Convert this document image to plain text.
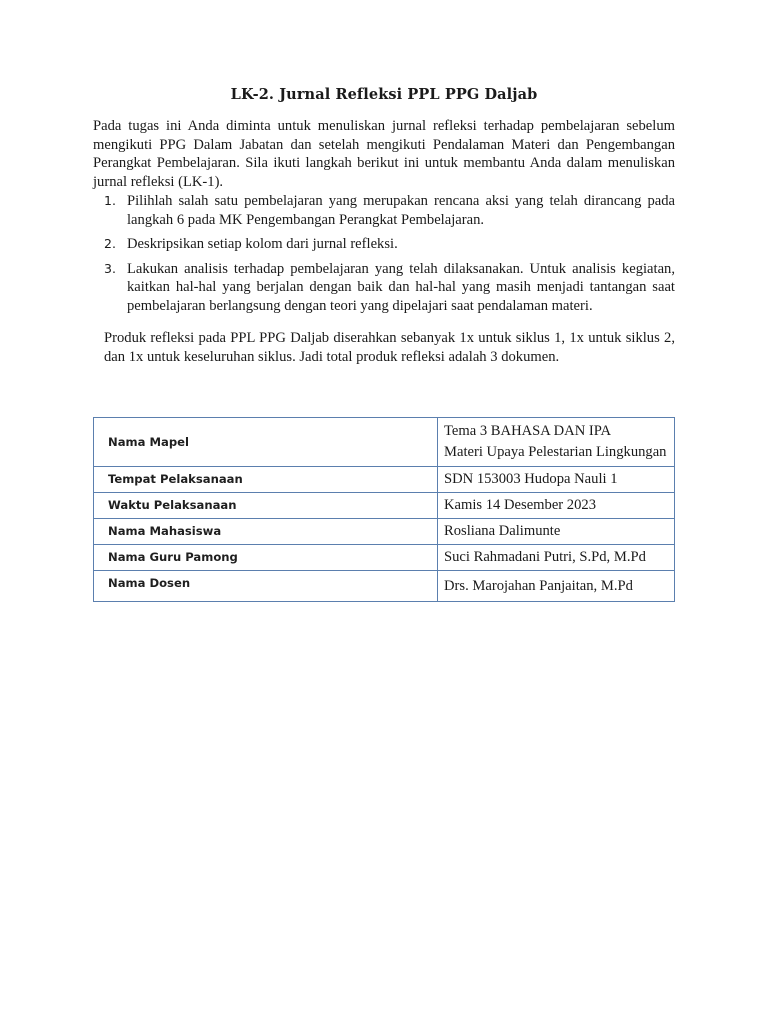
LK-2. Jurnal Refleksi PPL PPG Daljab

Pada tugas ini Anda diminta untuk menuliskan jurnal refleksi terhadap pembelajaran sebelum mengikuti PPG Dalam Jabatan dan setelah mengikuti Pendalaman Materi dan Pengembangan Perangkat Pembelajaran. Sila ikuti langkah berikut ini untuk membantu Anda dalam menuliskan jurnal refleksi (LK-1).

1. Pilihlah salah satu pembelajaran yang merupakan rencana aksi yang telah dirancang pada langkah 6 pada MK Pengembangan Perangkat Pembelajaran.
2. Deskripsikan setiap kolom dari jurnal refleksi.
3. Lakukan analisis terhadap pembelajaran yang telah dilaksanakan. Untuk analisis kegiatan, kaitkan hal-hal yang berjalan dengan baik dan hal-hal yang masih menjadi tantangan saat pembelajaran berlangsung dengan teori yang dipelajari saat pendalaman materi.

Produk refleksi pada PPL PPG Daljab diserahkan sebanyak 1x untuk siklus 1, 1x untuk siklus 2, dan 1x untuk keseluruhan siklus. Jadi total produk refleksi adalah 3 dokumen.

Nama Mapel	Tema 3 BAHASA DAN IPA
Materi Upaya Pelestarian Lingkungan

Tempat Pelaksanaan	SDN 153003 Hudopa Nauli 1

Waktu Pelaksanaan	Kamis 14 Desember 2023

Nama Mahasiswa	Rosliana Dalimunte

Nama Guru Pamong	Suci Rahmadani Putri, S.Pd, M.Pd

Nama Dosen	Drs. Marojahan Panjaitan, M.Pd
